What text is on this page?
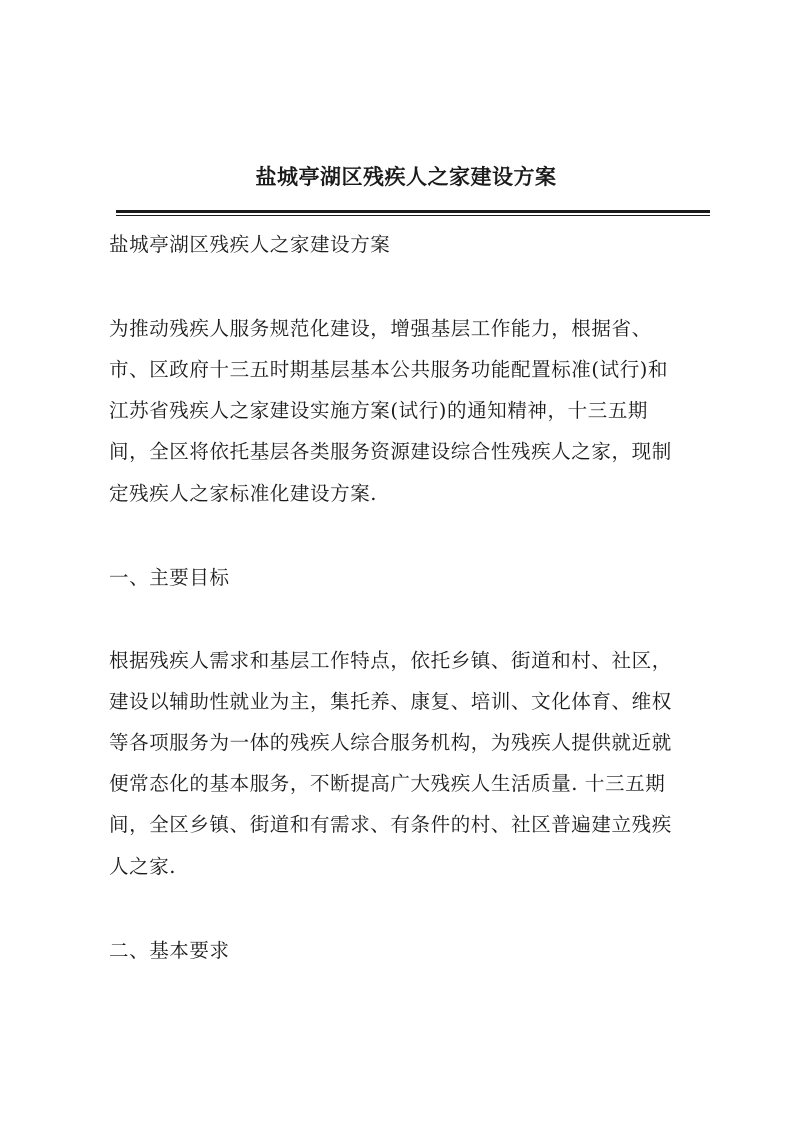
盐城亭湖区残疾人之家建设方案
盐城亭湖区残疾人之家建设方案
为推动残疾人服务规范化建设，增强基层工作能力，根据省、
市、区政府十三五时期基层基本公共服务功能配置标准(试行)和
江苏省残疾人之家建设实施方案(试行)的通知精神，十三五期
间，全区将依托基层各类服务资源建设综合性残疾人之家，现制
定残疾人之家标准化建设方案.
一、主要目标
根据残疾人需求和基层工作特点，依托乡镇、街道和村、社区，
建设以辅助性就业为主，集托养、康复、培训、文化体育、维权
等各项服务为一体的残疾人综合服务机构，为残疾人提供就近就
便常态化的基本服务，不断提高广大残疾人生活质量. 十三五期
间，全区乡镇、街道和有需求、有条件的村、社区普遍建立残疾
人之家.
二、基本要求
